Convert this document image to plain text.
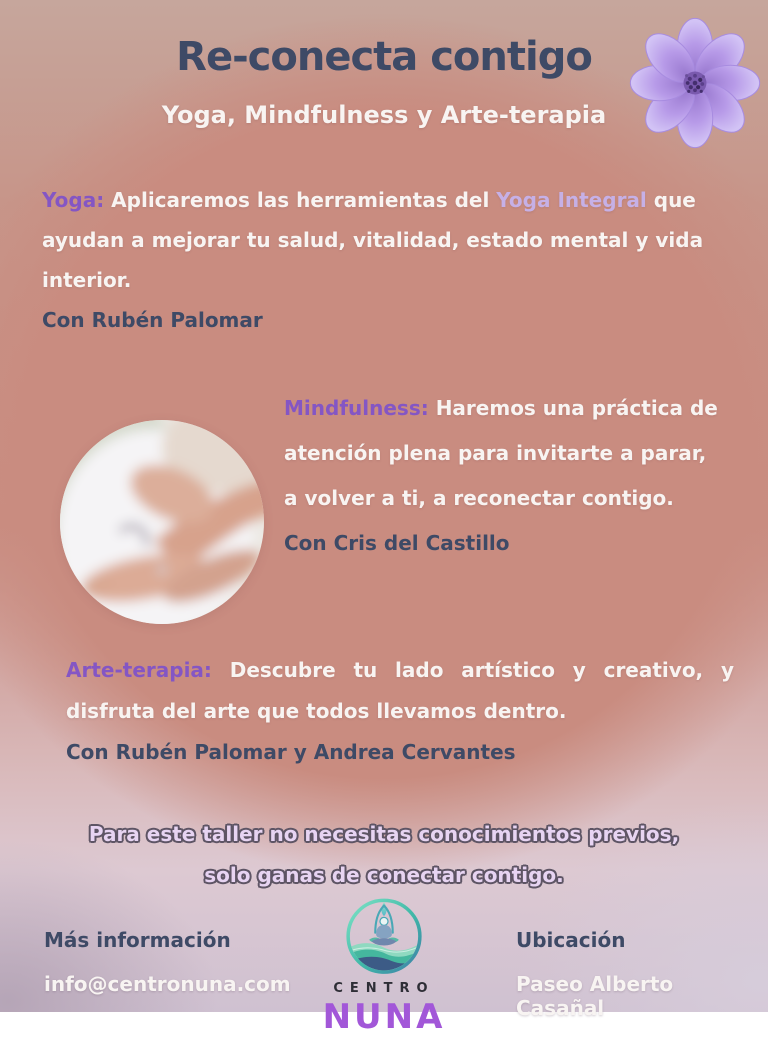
Re-conecta contigo
Yoga, Mindfulness y Arte-terapia

Yoga: Aplicaremos las herramientas del Yoga Integral que ayudan a mejorar tu salud, vitalidad, estado mental y vida interior.

Con Rubén Palomar

Mindfulness: Haremos una práctica de atención plena para invitarte a parar, a volver a ti, a reconectar contigo.

Con Cris del Castillo

Arte-terapia: Descubre tu lado artístico y creativo, y disfruta del arte que todos llevamos dentro.

Con Rubén Palomar y Andrea Cervantes

Para este taller no necesitas conocimientos previos,
solo ganas de conectar contigo.
Más información
info@centronuna.com
Ubicación
Paseo Alberto Casañal
CENTRO
NUNA
